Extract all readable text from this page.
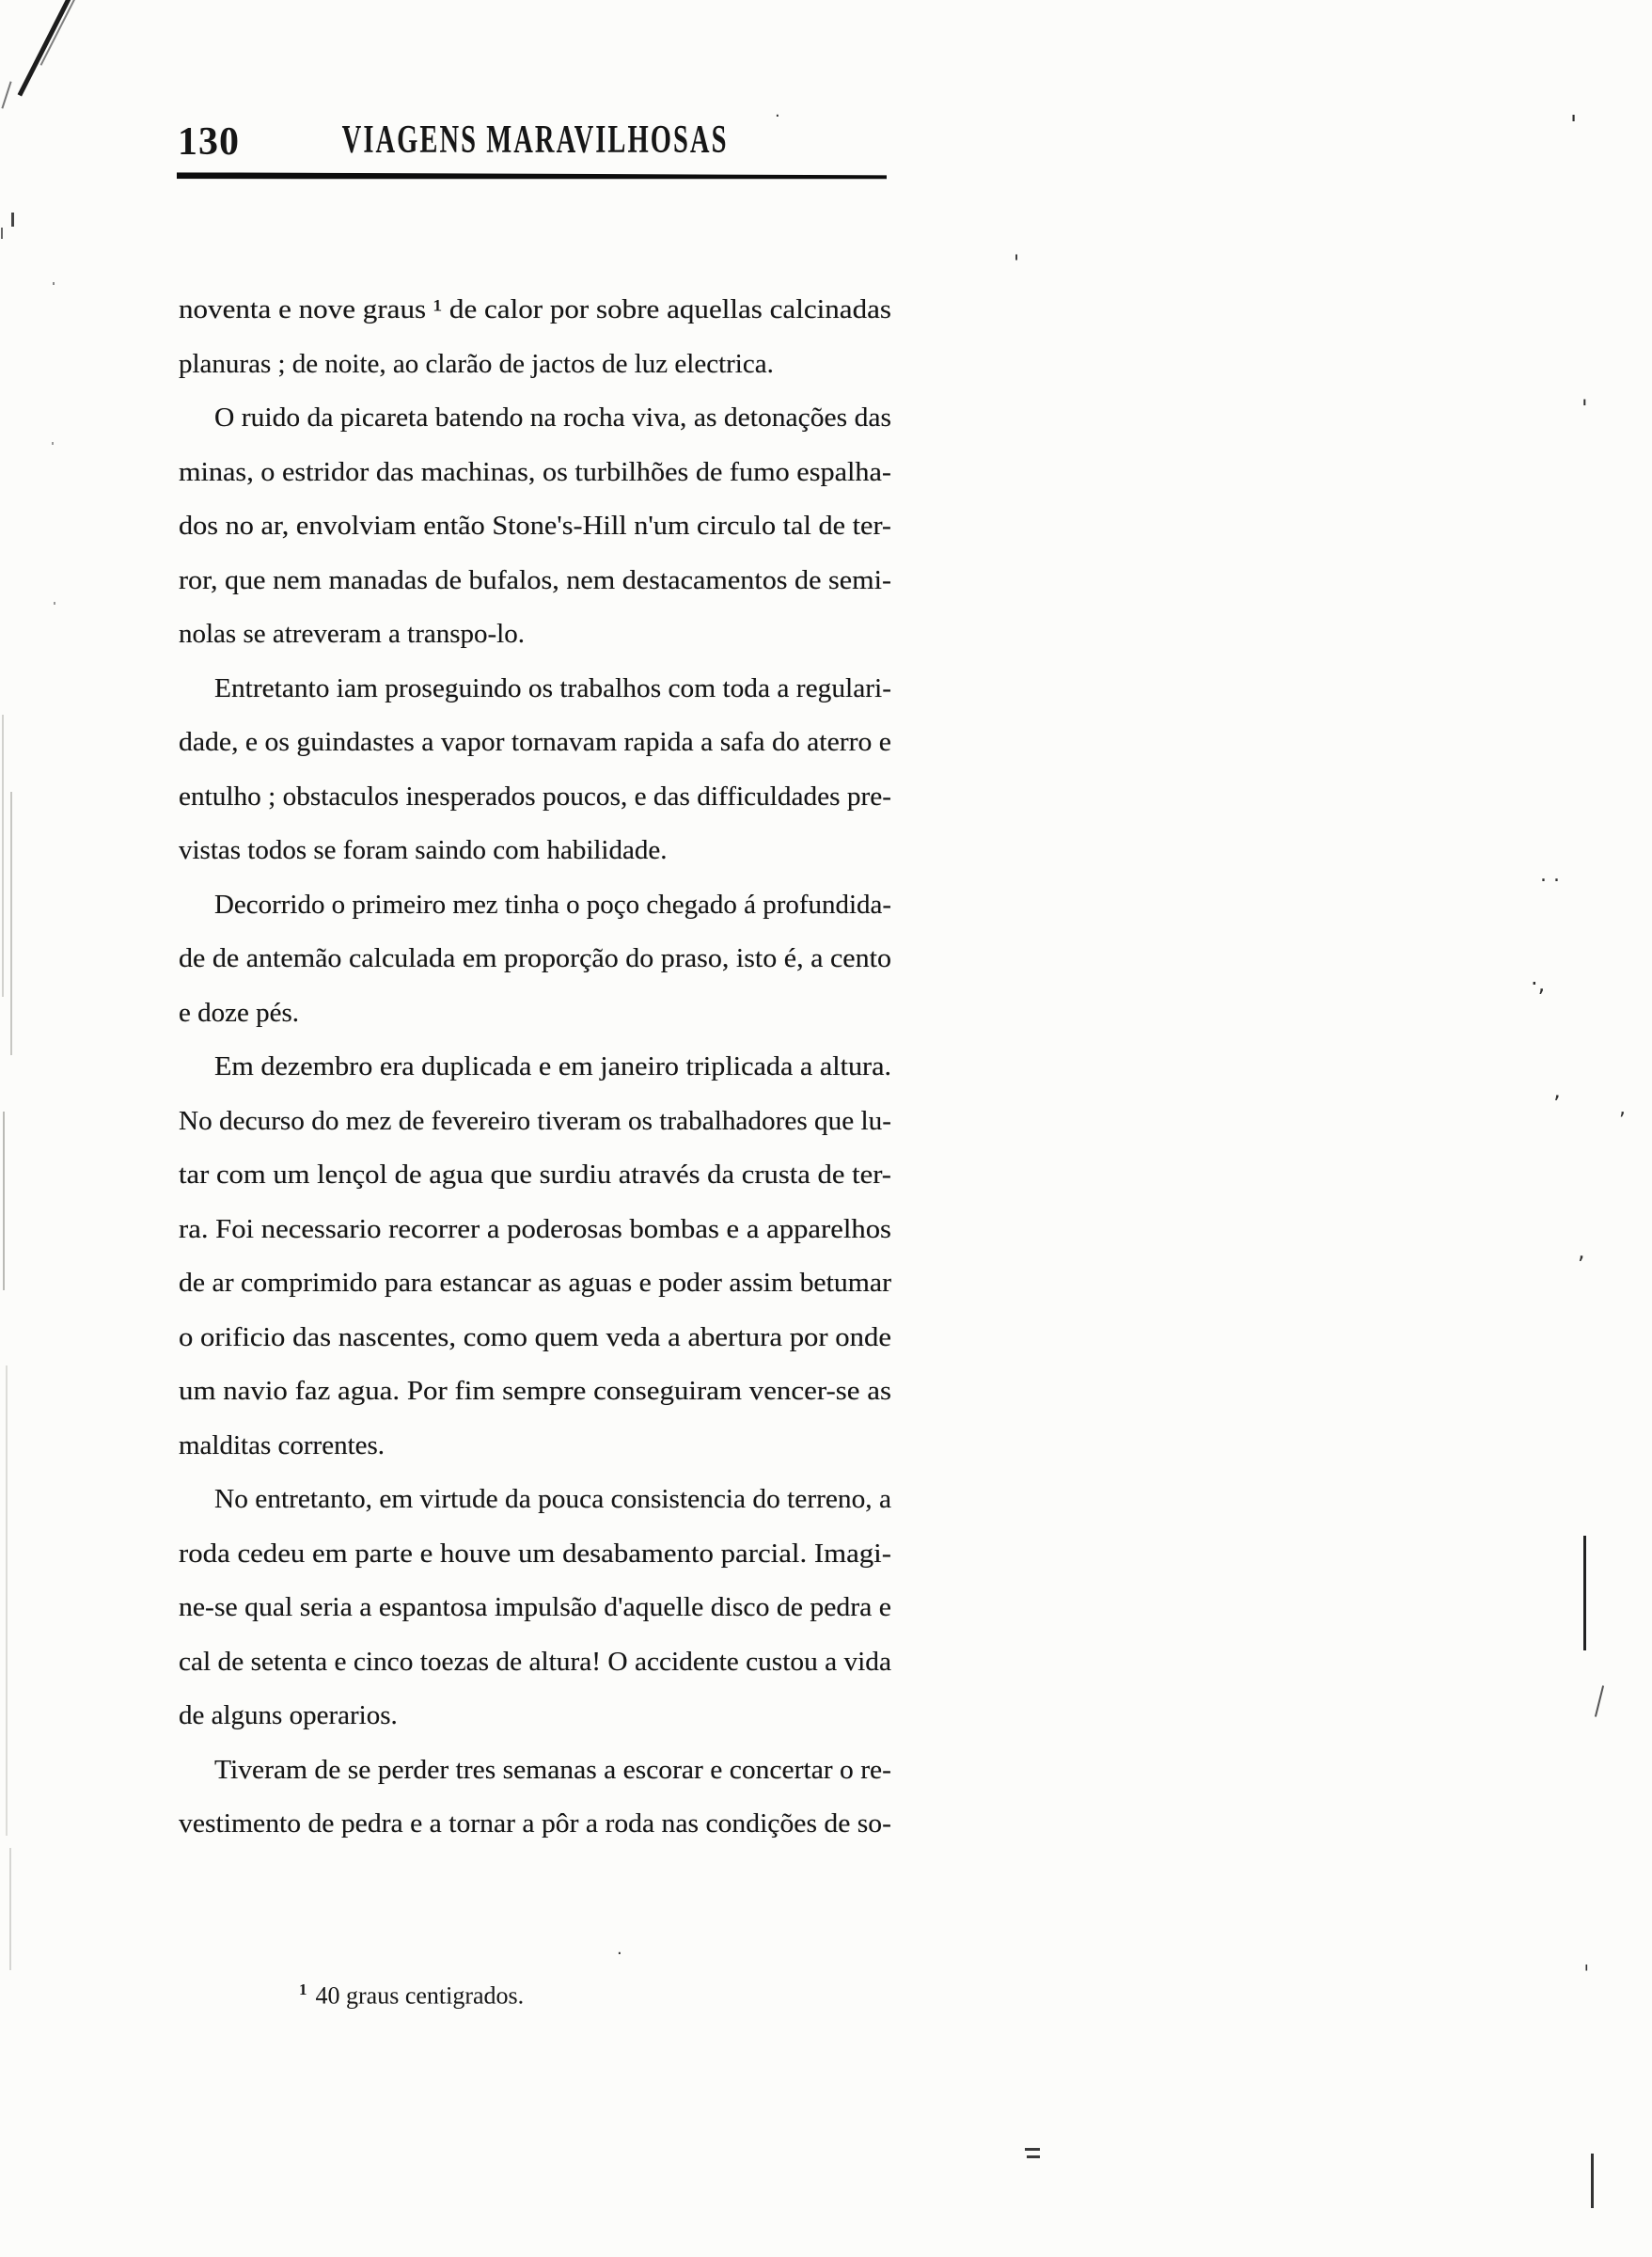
130	VIAGENS MARAVILHOSAS
noventa e nove graus ¹ de calor por sobre aquellas calcinadas
planuras ; de noite, ao clarão de jactos de luz electrica.
O ruido da picareta batendo na rocha viva, as detonações das
minas, o estridor das machinas, os turbilhões de fumo espalha-
dos no ar, envolviam então Stone's-Hill n'um circulo tal de ter-
ror, que nem manadas de bufalos, nem destacamentos de semi-
nolas se atreveram a transpo-lo.
Entretanto iam proseguindo os trabalhos com toda a regulari-
dade, e os guindastes a vapor tornavam rapida a safa do aterro e
entulho ; obstaculos inesperados poucos, e das difficuldades pre-
vistas todos se foram saindo com habilidade.
Decorrido o primeiro mez tinha o poço chegado á profundida-
de de antemão calculada em proporção do praso, isto é, a cento
e doze pés.
Em dezembro era duplicada e em janeiro triplicada a altura.
No decurso do mez de fevereiro tiveram os trabalhadores que lu-
tar com um lençol de agua que surdiu através da crusta de ter-
ra. Foi necessario recorrer a poderosas bombas e a apparelhos
de ar comprimido para estancar as aguas e poder assim betumar
o orificio das nascentes, como quem veda a abertura por onde
um navio faz agua. Por fim sempre conseguiram vencer-se as
malditas correntes.
No entretanto, em virtude da pouca consistencia do terreno, a
roda cedeu em parte e houve um desabamento parcial. Imagi-
ne-se qual seria a espantosa impulsão d'aquelle disco de pedra e
cal de setenta e cinco toezas de altura! O accidente custou a vida
de alguns operarios.
Tiveram de se perder tres semanas a escorar e concertar o re-
vestimento de pedra e a tornar a pôr a roda nas condições de so-
$^1$ 40 graus centigrados.
'
.
'
. .
·,
’	,
,
ˌ
.
'
